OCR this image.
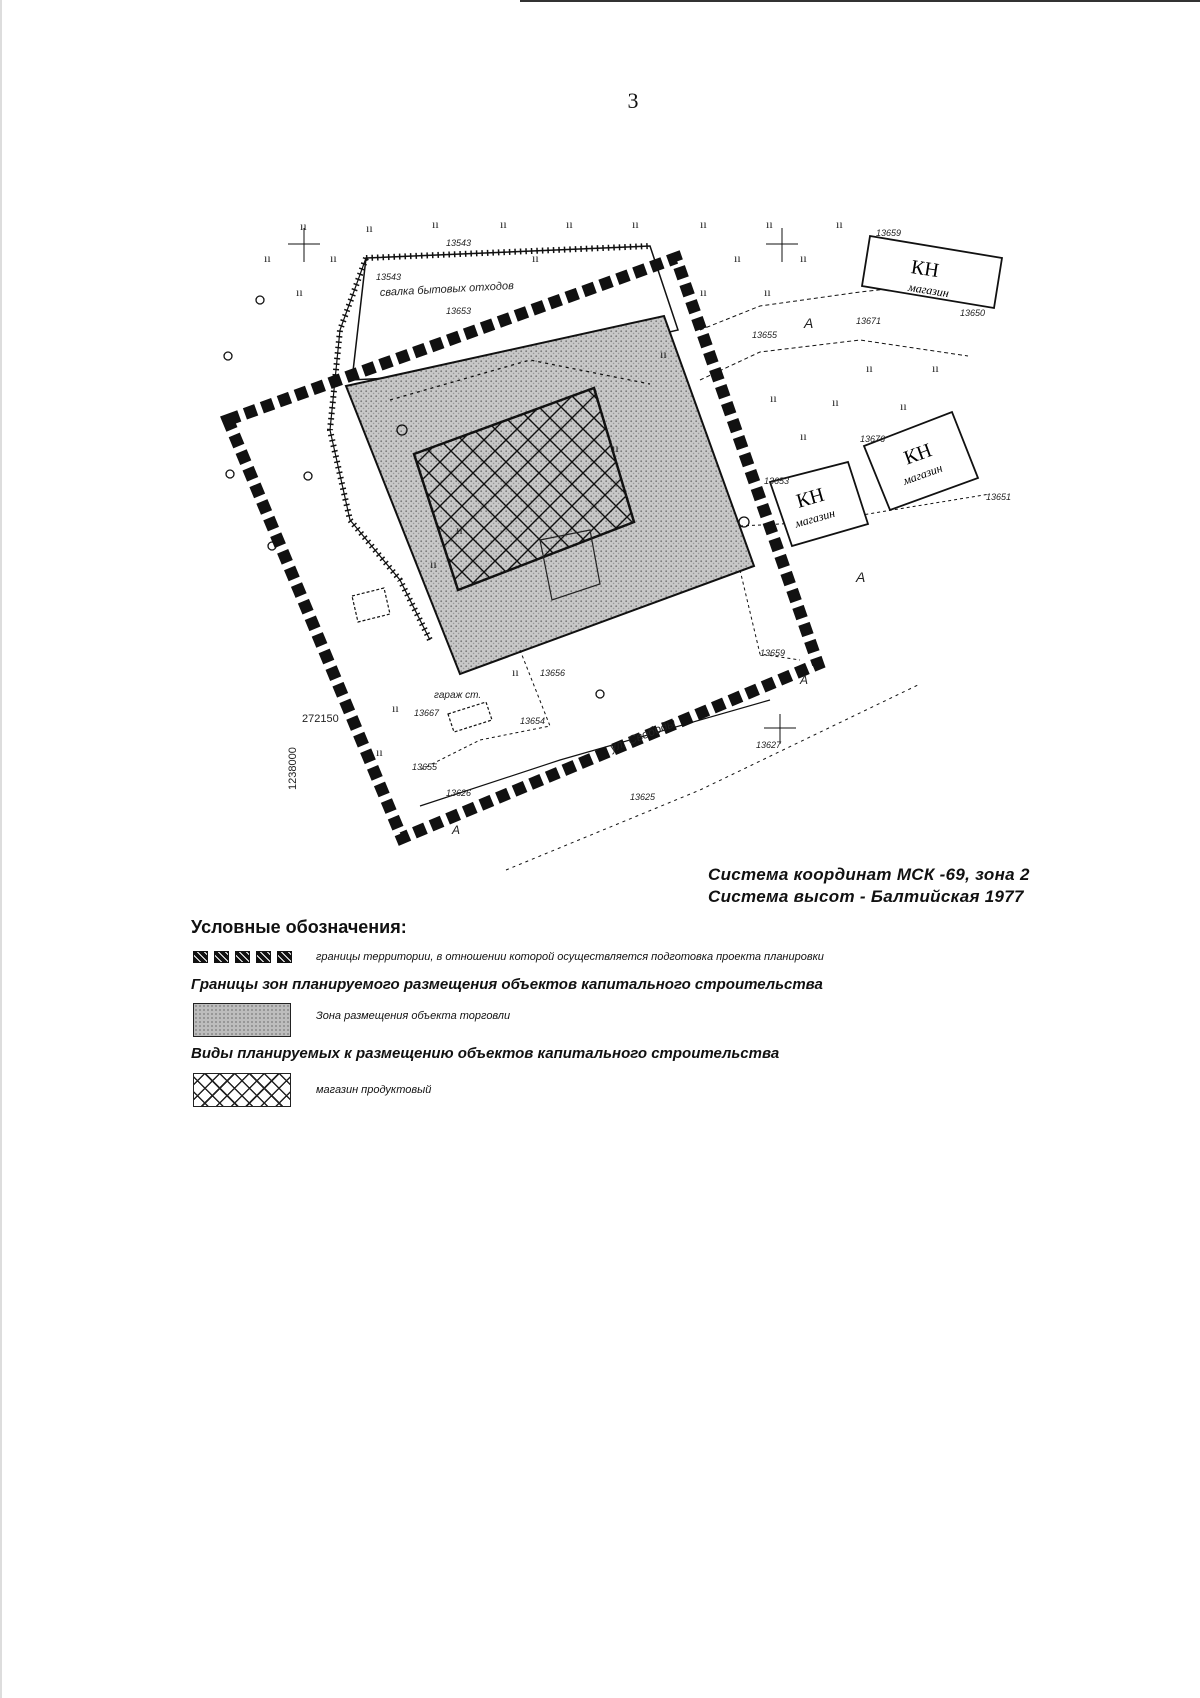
3
КН
магазин
КН
магазин
КН
магазин
ıı	ıı	ıı	ıı	ıı	ıı	ıı	ıı	ıı
ıı	ıı
ıı
ıı	ıı	ıı
ıı	ıı
ıı	ıı
ıı	ıı	ıı
ıı
ıı
ıı
ıı
ıı
ıı
ıı
ıı
свалка бытовых отходов
ул. Свободы
гараж ст.
А
А
А
А
13543
13543
13653
13655
13671
13659
13650
13676
13653
13651
13656
13667
13654
13659
13625
13626
13627
13655
272150
1238000
Система координат МСК -69, зона 2
Система высот - Балтийская 1977
Условные обозначения:
границы территории, в отношении которой осуществляется подготовка проекта планировки
Границы зон планируемого размещения объектов капитального строительства
Зона размещения объекта торговли
Виды планируемых к размещению объектов капитального строительства
магазин продуктовый
